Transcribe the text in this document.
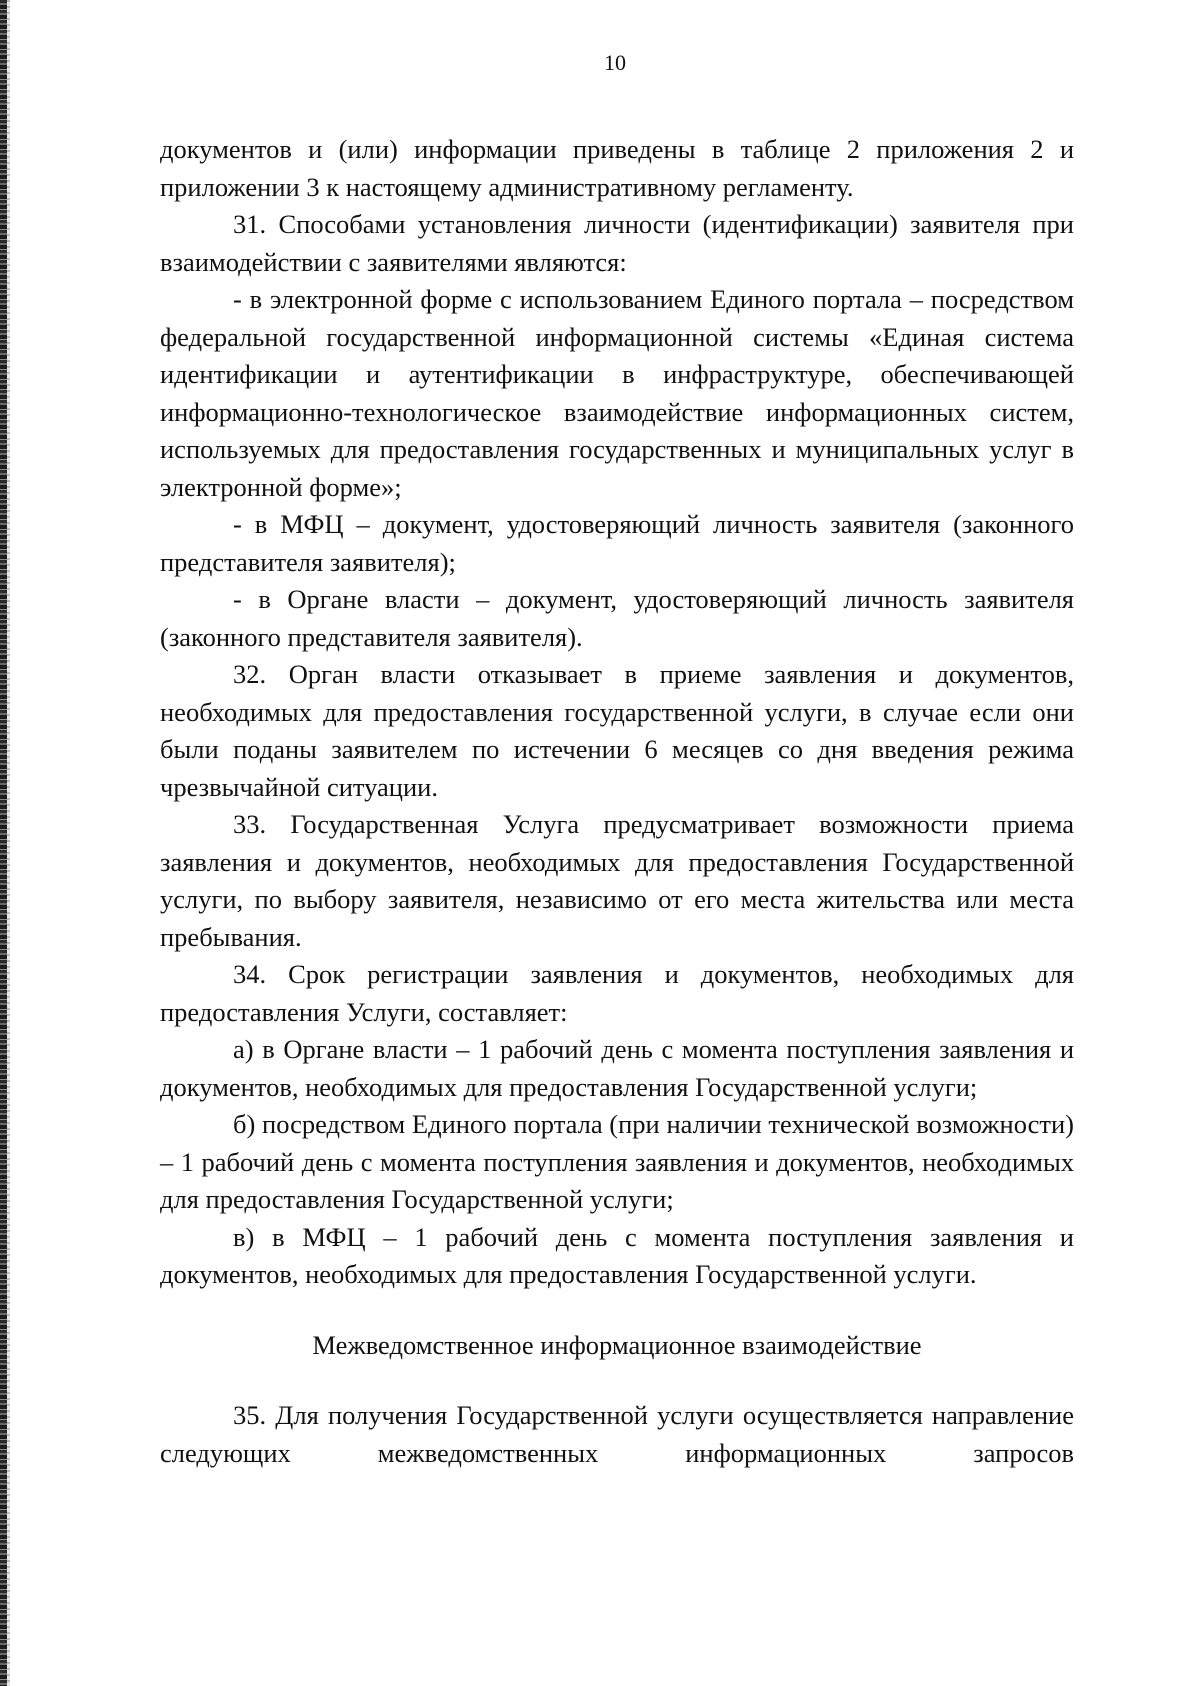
10

документов и (или) информации приведены в таблице 2 приложения 2 и приложении 3 к настоящему административному регламенту.

31. Способами установления личности (идентификации) заявителя при взаимодействии с заявителями являются:

- в электронной форме с использованием Единого портала – посредством федеральной государственной информационной системы «Единая система идентификации и аутентификации в инфраструктуре, обеспечивающей информационно-технологическое взаимодействие информационных систем, используемых для предоставления государственных и муниципальных услуг в электронной форме»;

- в МФЦ – документ, удостоверяющий личность заявителя (законного представителя заявителя);

- в Органе власти – документ, удостоверяющий личность заявителя (законного представителя заявителя).

32. Орган власти отказывает в приеме заявления и документов, необходимых для предоставления государственной услуги, в случае если они были поданы заявителем по истечении 6 месяцев со дня введения режима чрезвычайной ситуации.

33. Государственная Услуга предусматривает возможности приема заявления и документов, необходимых для предоставления Государственной услуги, по выбору заявителя, независимо от его места жительства или места пребывания.

34. Срок регистрации заявления и документов, необходимых для предоставления Услуги, составляет:

а) в Органе власти – 1 рабочий день с момента поступления заявления и документов, необходимых для предоставления Государственной услуги;

б) посредством Единого портала (при наличии технической возможности) – 1 рабочий день с момента поступления заявления и документов, необходимых для предоставления Государственной услуги;

в) в МФЦ – 1 рабочий день с момента поступления заявления и документов, необходимых для предоставления Государственной услуги.

Межведомственное информационное взаимодействие

35. Для получения Государственной услуги осуществляется направление следующих межведомственных информационных запросов
